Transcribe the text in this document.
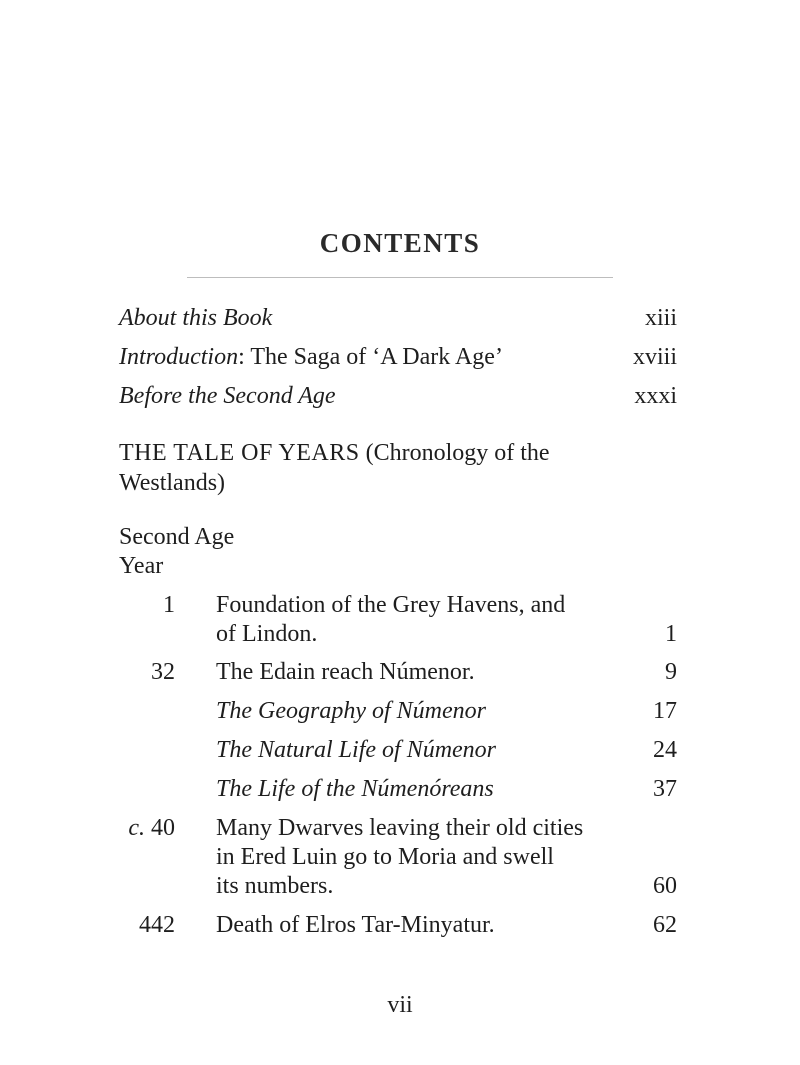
CONTENTS
About this Book	xiii
Introduction: The Saga of ‘A Dark Age’	xviii
Before the Second Age	xxxi
THE TALE OF YEARS (Chronology of the Westlands)
Second Age
Year
1 Foundation of the Grey Havens, and
of Lindon.	1
32 The Edain reach Númenor.	9
The Geography of Númenor	17
The Natural Life of Númenor	24
The Life of the Númenóreans	37
c. 40 Many Dwarves leaving their old cities
in Ered Luin go to Moria and swell
its numbers.	60
442 Death of Elros Tar-Minyatur.	62
vii
